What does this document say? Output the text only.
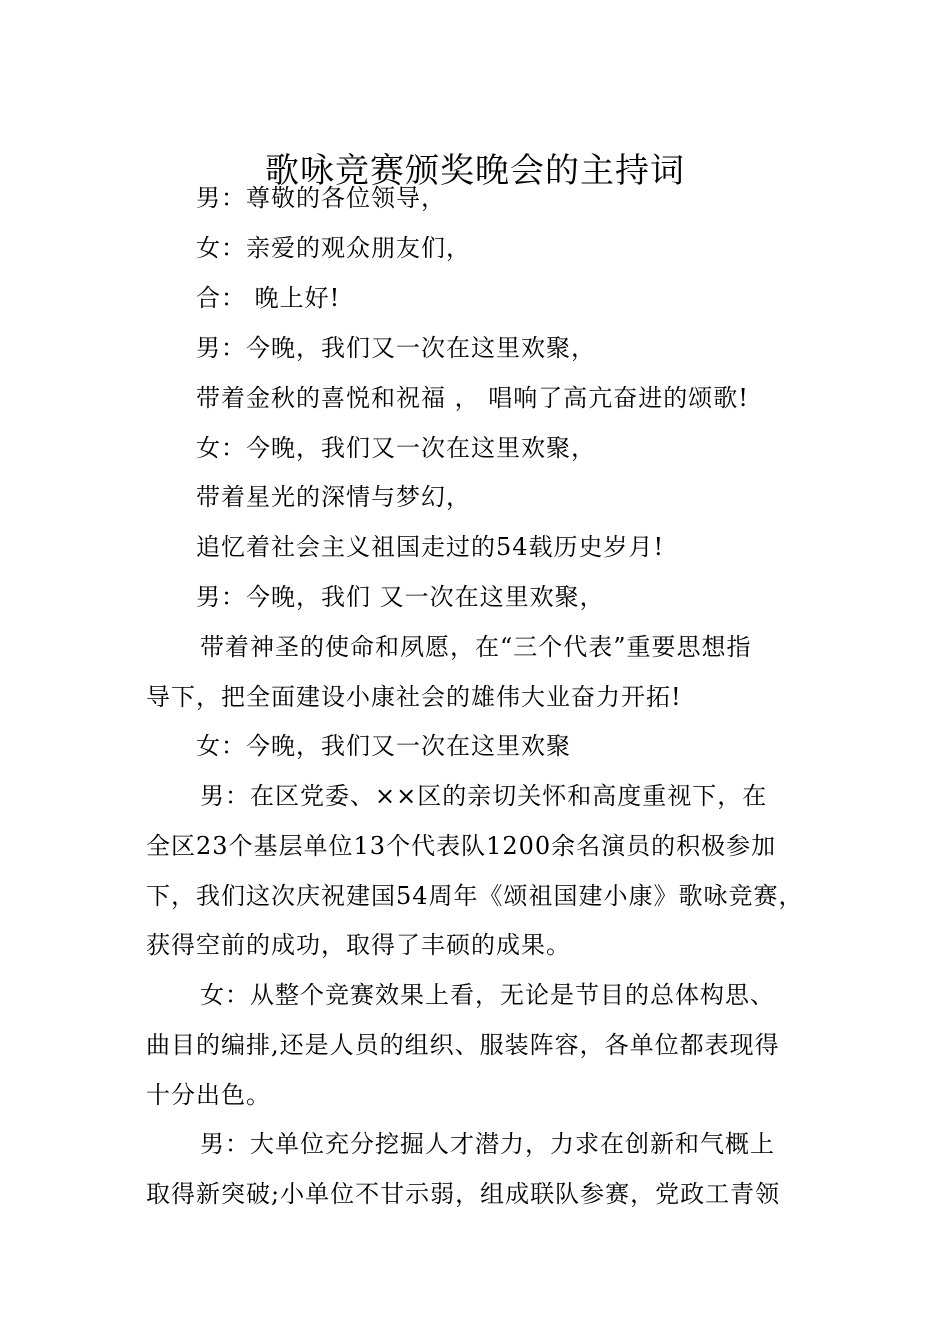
歌咏竞赛颁奖晚会的主持词
男：尊敬的各位领导，
女：亲爱的观众朋友们，
合： 晚上好!
男：今晚，我们又一次在这里欢聚，
带着金秋的喜悦和祝福 ， 唱响了高亢奋进的颂歌!
女：今晚，我们又一次在这里欢聚，
带着星光的深情与梦幻，
追忆着社会主义祖国走过的54载历史岁月!
男：今晚，我们 又一次在这里欢聚，
带着神圣的使命和夙愿，在“三个代表”重要思想指
导下，把全面建设小康社会的雄伟大业奋力开拓!
女：今晚，我们又一次在这里欢聚
男：在区党委、××区的亲切关怀和高度重视下，在
全区23个基层单位13个代表队1200余名演员的积极参加
下，我们这次庆祝建国54周年《颂祖国建小康》歌咏竞赛，
获得空前的成功，取得了丰硕的成果。
女：从整个竞赛效果上看，无论是节目的总体构思、
曲目的编排,还是人员的组织、服装阵容，各单位都表现得
十分出色。
男：大单位充分挖掘人才潜力，力求在创新和气概上
取得新突破;小单位不甘示弱，组成联队参赛，党政工青领
